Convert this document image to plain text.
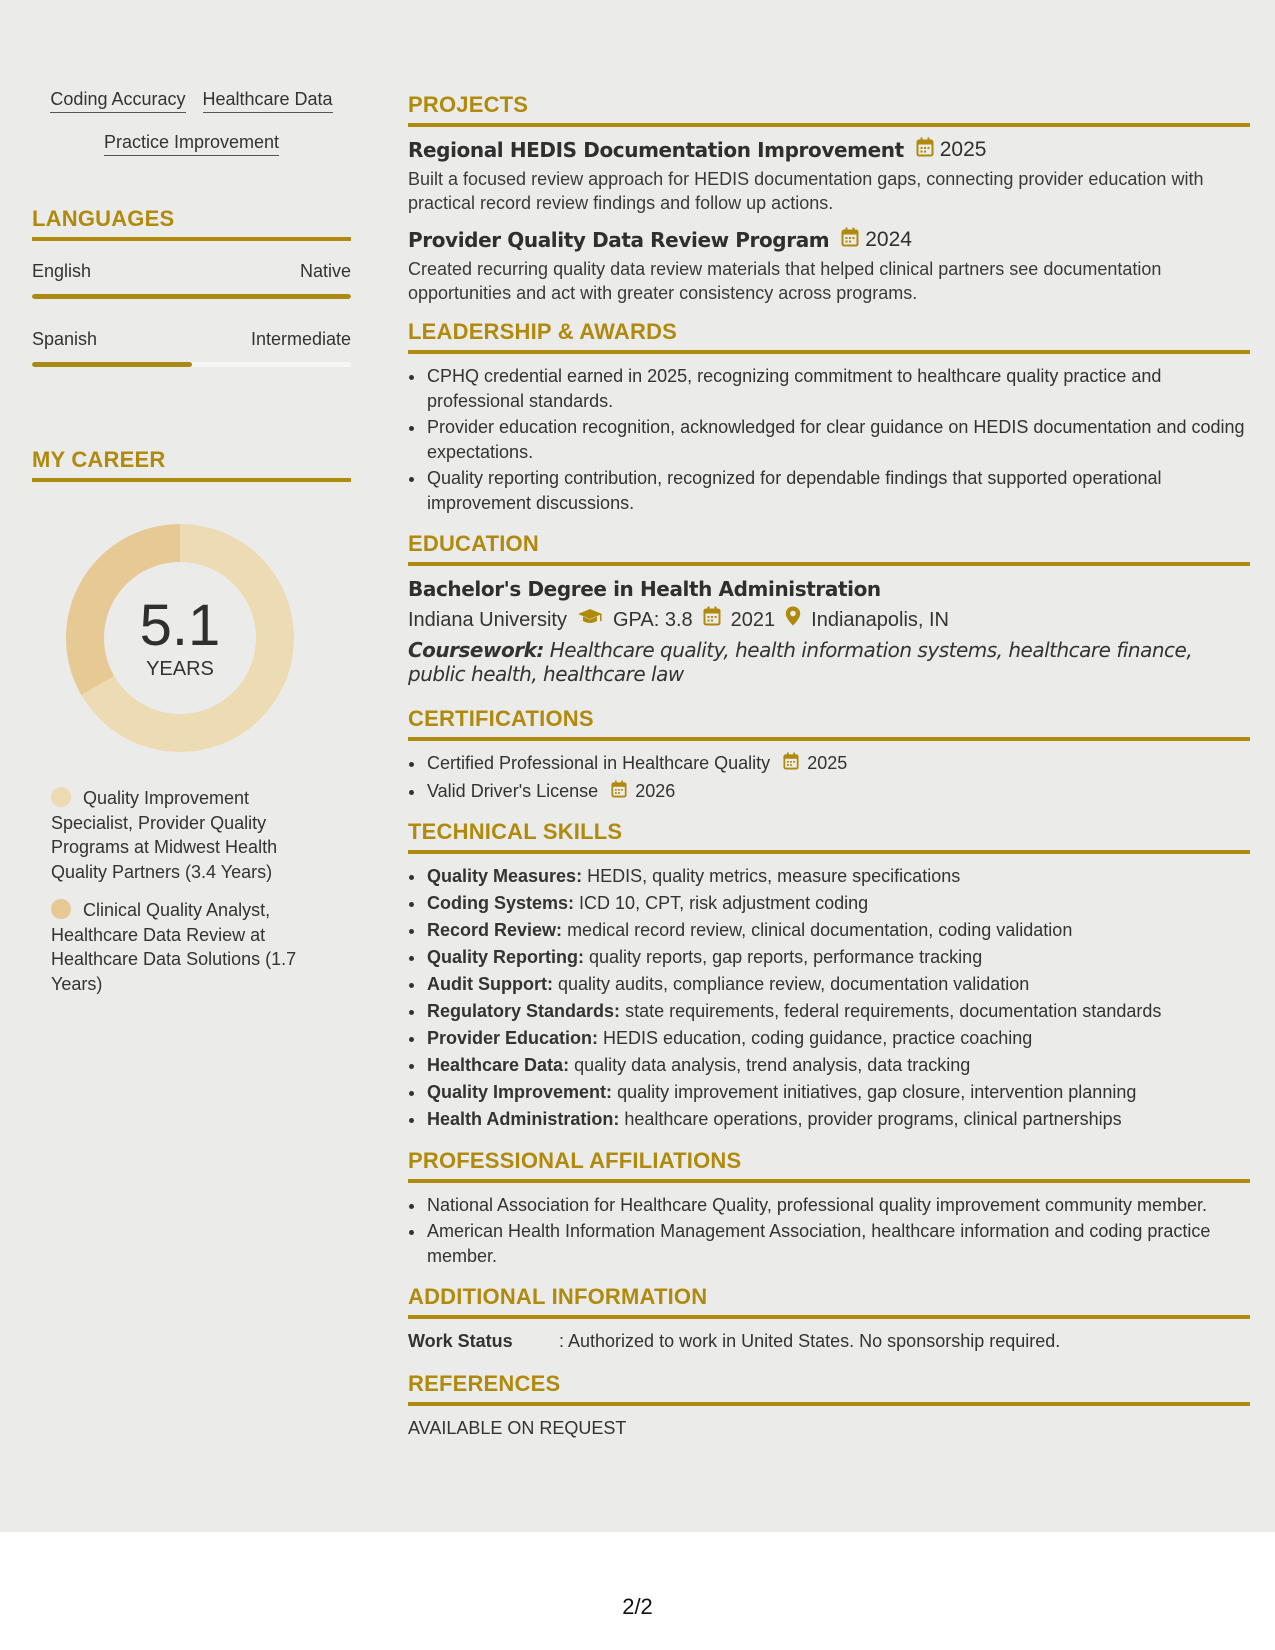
Coding Accuracy Healthcare Data
Practice Improvement
LANGUAGES
English	Native
Spanish	Intermediate
MY CAREER
5.1
YEARS
Quality Improvement Specialist, Provider Quality Programs at Midwest Health Quality Partners (3.4 Years)
Clinical Quality Analyst, Healthcare Data Review at Healthcare Data Solutions (1.7 Years)
PROJECTS
Regional HEDIS Documentation Improvement 2025
Built a focused review approach for HEDIS documentation gaps, connecting provider education with practical record review findings and follow up actions.
Provider Quality Data Review Program 2024
Created recurring quality data review materials that helped clinical partners see documentation opportunities and act with greater consistency across programs.
LEADERSHIP & AWARDS
• CPHQ credential earned in 2025, recognizing commitment to healthcare quality practice and professional standards.
• Provider education recognition, acknowledged for clear guidance on HEDIS documentation and coding expectations.
• Quality reporting contribution, recognized for dependable findings that supported operational improvement discussions.
EDUCATION
Bachelor's Degree in Health Administration
Indiana University GPA: 3.8 2021 Indianapolis, IN
Coursework: Healthcare quality, health information systems, healthcare finance, public health, healthcare law
CERTIFICATIONS
• Certified Professional in Healthcare Quality 2025
• Valid Driver's License 2026
TECHNICAL SKILLS
• Quality Measures: HEDIS, quality metrics, measure specifications
• Coding Systems: ICD 10, CPT, risk adjustment coding
• Record Review: medical record review, clinical documentation, coding validation
• Quality Reporting: quality reports, gap reports, performance tracking
• Audit Support: quality audits, compliance review, documentation validation
• Regulatory Standards: state requirements, federal requirements, documentation standards
• Provider Education: HEDIS education, coding guidance, practice coaching
• Healthcare Data: quality data analysis, trend analysis, data tracking
• Quality Improvement: quality improvement initiatives, gap closure, intervention planning
• Health Administration: healthcare operations, provider programs, clinical partnerships
PROFESSIONAL AFFILIATIONS
• National Association for Healthcare Quality, professional quality improvement community member.
• American Health Information Management Association, healthcare information and coding practice member.
ADDITIONAL INFORMATION
Work Status	: Authorized to work in United States. No sponsorship required.
REFERENCES
AVAILABLE ON REQUEST
2/2
